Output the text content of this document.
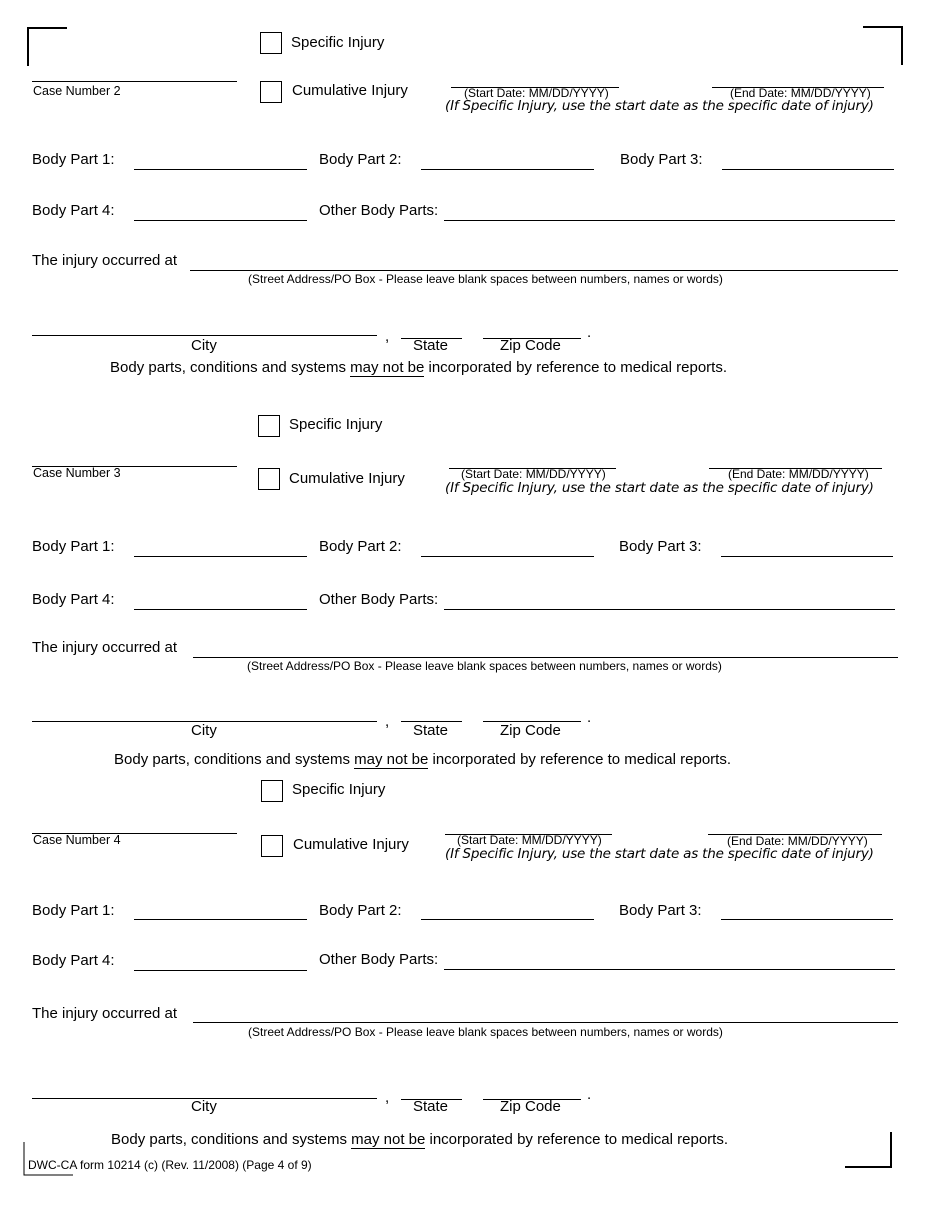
Specific Injury
Case Number 2	Cumulative Injury	(Start Date: MM/DD/YYYY)	(End Date: MM/DD/YYYY)
(If Specific Injury, use the start date as the specific date of injury)
Body Part 1:	Body Part 2:	Body Part 3:
Body Part 4:	Other Body Parts:
The injury occurred at
(Street Address/PO Box - Please leave blank spaces between numbers, names or words)
,	.
City	State	Zip Code
Body parts, conditions and systems may not be incorporated by reference to medical reports.
Specific Injury
Case Number 3	Cumulative Injury	(Start Date: MM/DD/YYYY)	(End Date: MM/DD/YYYY)
(If Specific Injury, use the start date as the specific date of injury)
Body Part 1:	Body Part 2:	Body Part 3:
Body Part 4:	Other Body Parts:
The injury occurred at
(Street Address/PO Box - Please leave blank spaces between numbers, names or words)
,	.
City	State	Zip Code
Body parts, conditions and systems may not be incorporated by reference to medical reports.
Specific Injury
Case Number 4	Cumulative Injury	(Start Date: MM/DD/YYYY)	(End Date: MM/DD/YYYY)
(If Specific Injury, use the start date as the specific date of injury)
Body Part 1:	Body Part 2:	Body Part 3:
Body Part 4:	Other Body Parts:
The injury occurred at
(Street Address/PO Box - Please leave blank spaces between numbers, names or words)
,	.
City	State	Zip Code
Body parts, conditions and systems may not be incorporated by reference to medical reports.
DWC-CA form 10214 (c) (Rev. 11/2008) (Page 4 of 9)
